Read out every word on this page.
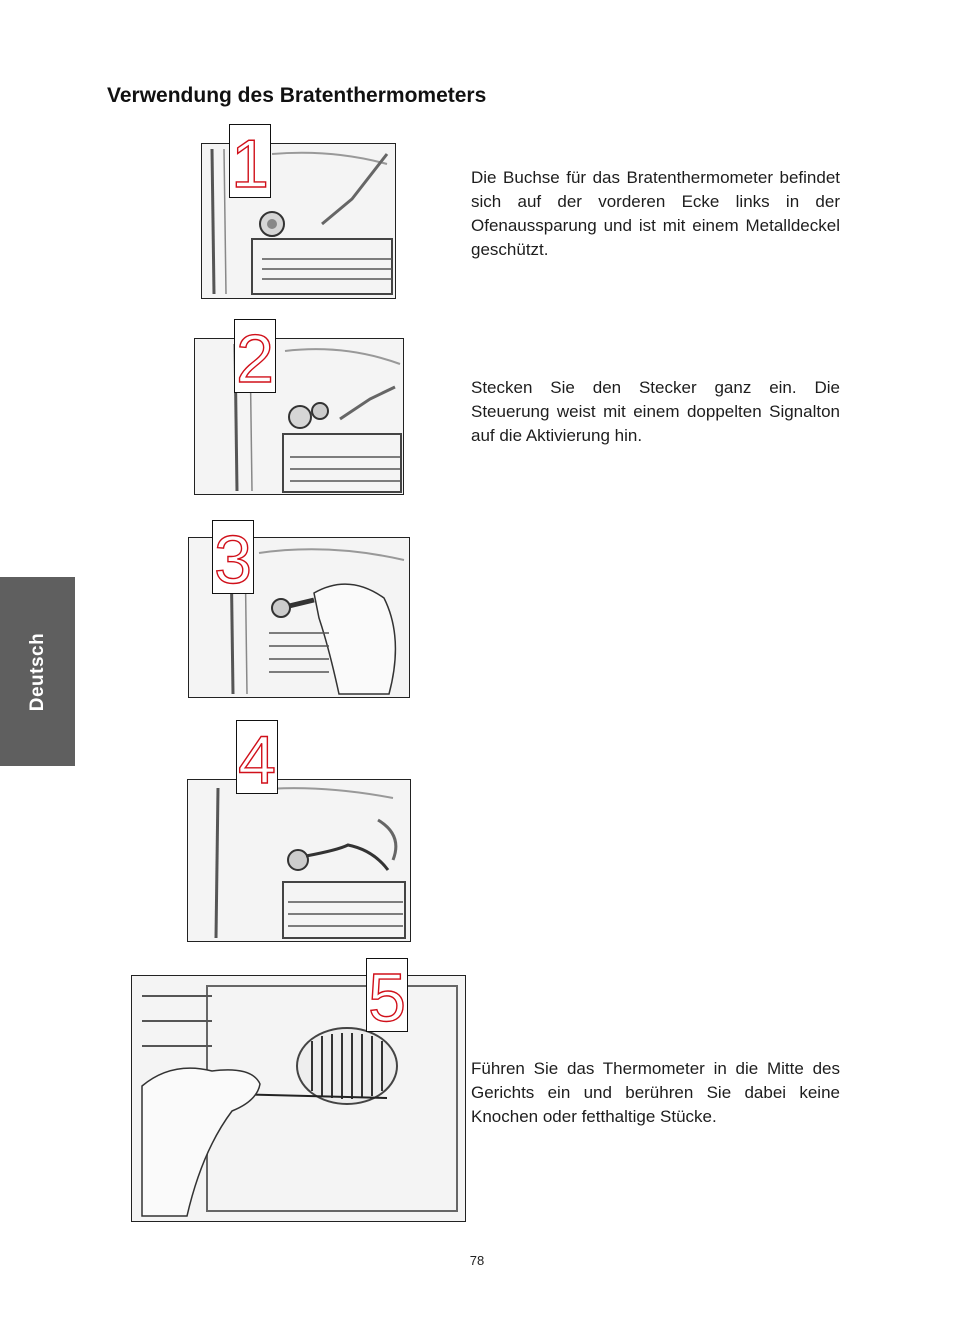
Verwendung des Bratenthermometers
Deutsch
1	Die Buchse für das Bratenthermometer befindet sich auf der vorderen Ecke links in der Ofenaussparung und ist mit einem Metalldeckel geschützt.
2	Stecken Sie den Stecker ganz ein. Die Steuerung weist mit einem doppelten Signalton auf die Aktivierung hin.
3
4
5
Führen Sie das Thermometer in die Mitte des Gerichts ein und berühren Sie dabei keine Knochen oder fetthaltige Stücke.
78
